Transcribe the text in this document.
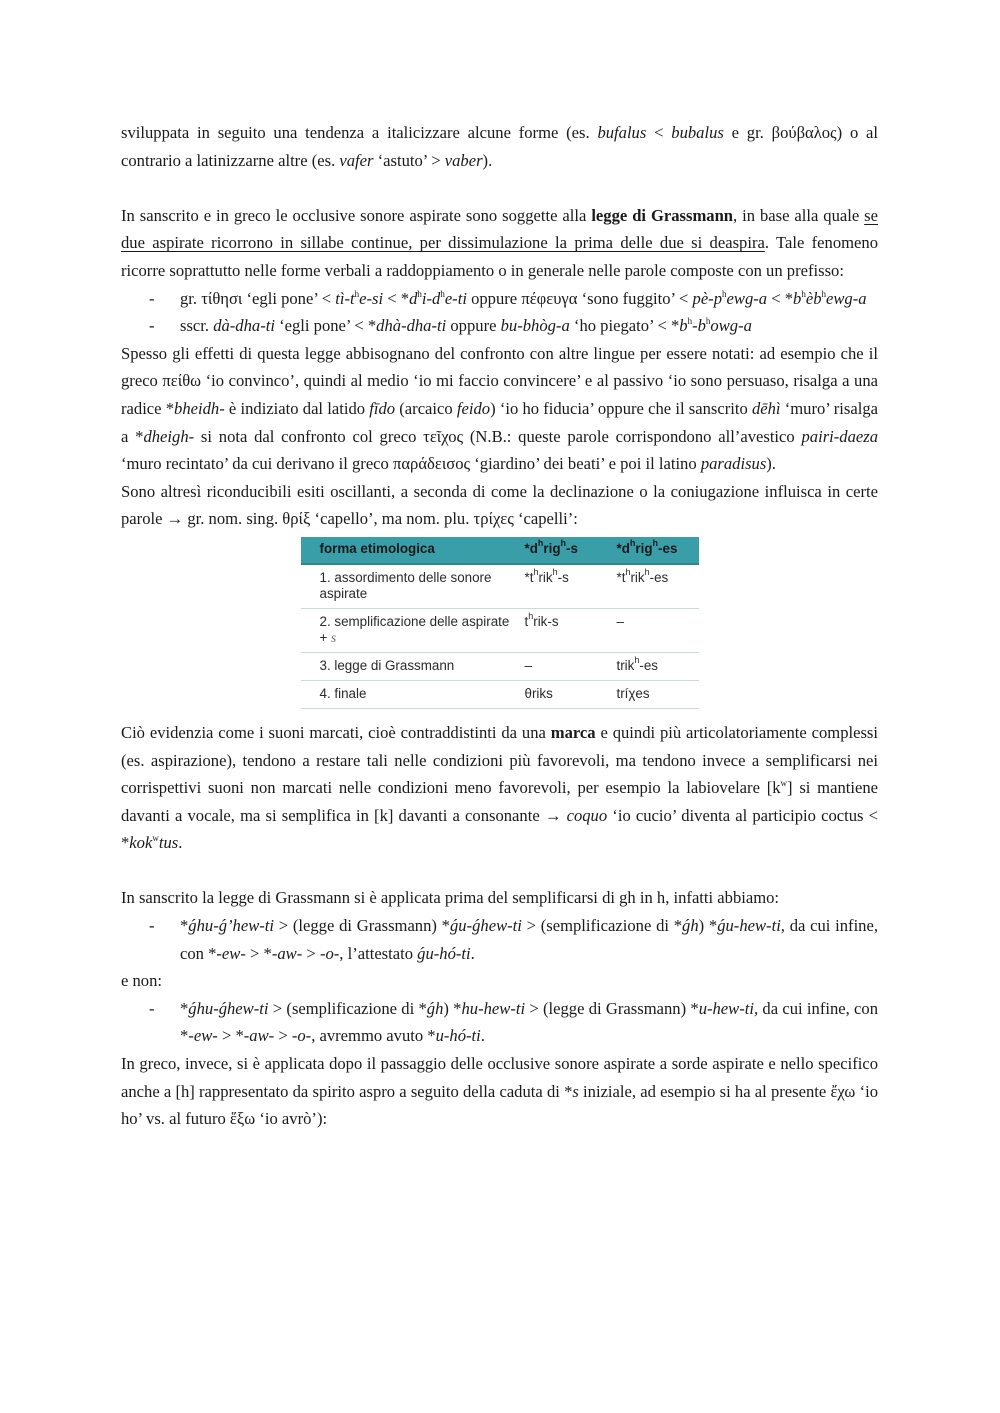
sviluppata in seguito una tendenza a italicizzare alcune forme (es. bufalus < bubalus e gr. βούβαλος) o al contrario a latinizzarne altre (es. vafer ‘astuto’ > vaber).

In sanscrito e in greco le occlusive sonore aspirate sono soggette alla legge di Grassmann, in base alla quale se due aspirate ricorrono in sillabe continue, per dissimulazione la prima delle due si deaspira. Tale fenomeno ricorre soprattutto nelle forme verbali a raddoppiamento o in generale nelle parole composte con un prefisso:

- gr. τίθησι ‘egli pone’ < $tì-t^he-si < *d^hi-d^he-ti$ oppure πέφευγα ‘sono fuggito’ < $pè-p^hewg-a$ < $*b^hèb^hewg-a$
- sscr. dà-dha-ti ‘egli pone’ < *dhà-dha-ti oppure bu-bhòg-a ‘ho piegato’ < $*b^h-b^howg-a$

Spesso gli effetti di questa legge abbisognano del confronto con altre lingue per essere notati: ad esempio che il greco πείθω ‘io convinco’, quindi al medio ‘io mi faccio convincere’ e al passivo ‘io sono persuaso, risalga a una radice *bheidh- è indiziato dal latido fīdo (arcaico feido) ‘io ho fiducia’ oppure che il sanscrito dēhì ‘muro’ risalga a *dheigh- si nota dal confronto col greco τεῖχος (N.B.: queste parole corrispondono all’avestico pairi-daeza ‘muro recintato’ da cui derivano il greco παράδεισος ‘giardino’ dei beati’ e poi il latino paradisus).

Sono altresì riconducibili esiti oscillanti, a seconda di come la declinazione o la coniugazione influisca in certe parole → gr. nom. sing. θρίξ ‘capello’, ma nom. plu. τρίχες ‘capelli’:

forma etimologica	$*d^hrig^h-s$	$*d^hrig^h-es$
1. assordimento delle sonore aspirate	$*t^hrik^h-s$	$*t^hrik^h-es$
2. semplificazione delle aspirate + s	$t^hrik-s$	–
3. legge di Grassmann	–	trik$^h$-es
4. finale	θriks	tríχes

Ciò evidenzia come i suoni marcati, cioè contraddistinti da una marca e quindi più articolatoriamente complessi (es. aspirazione), tendono a restare tali nelle condizioni più favorevoli, ma tendono invece a semplificarsi nei corrispettivi suoni non marcati nelle condizioni meno favorevoli, per esempio la labiovelare $[k^w]$ si mantiene davanti a vocale, ma si semplifica in [k] davanti a consonante → coquo ‘io cucio’ diventa al participio coctus < *kok$^w$tus.

In sanscrito la legge di Grassmann si è applicata prima del semplificarsi di gh in h, infatti abbiamo:

- *ǵhu-ǵ’hew-ti > (legge di Grassmann) *ǵu-ǵhew-ti > (semplificazione di *ǵh) *ǵu-hew-ti, da cui infine, con *-ew- > *-aw- > -o-, l’attestato ǵu-hó-ti.

e non:

- *ǵhu-ǵhew-ti > (semplificazione di *ǵh) *hu-hew-ti > (legge di Grassmann) *u-hew-ti, da cui infine, con *-ew- > *-aw- > -o-, avremmo avuto *u-hó-ti.

In greco, invece, si è applicata dopo il passaggio delle occlusive sonore aspirate a sorde aspirate e nello specifico anche a [h] rappresentato da spirito aspro a seguito della caduta di *s iniziale, ad esempio si ha al presente ἔχω ‘io ho’ vs. al futuro ἕξω ‘io avrò’):
